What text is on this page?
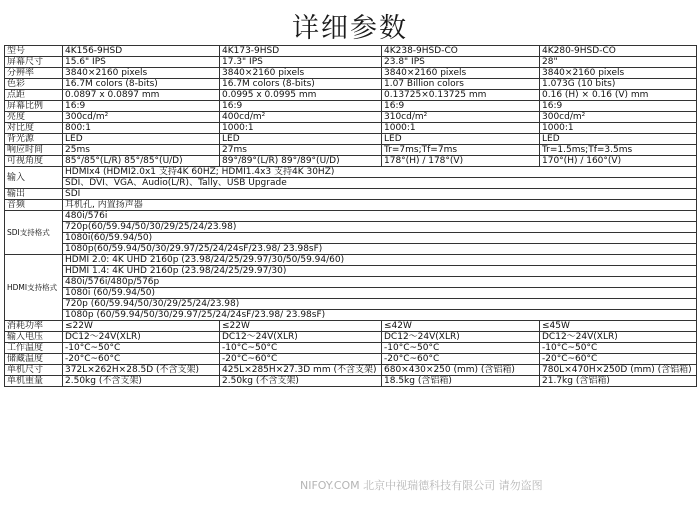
详细参数
型号	4K156-9HSD	4K173-9HSD	4K238-9HSD-CO	4K280-9HSD-CO
屏幕尺寸	15.6" IPS	17.3" IPS	23.8" IPS	28"
分辨率	3840×2160 pixels	3840×2160 pixels	3840×2160 pixels	3840×2160 pixels
色彩	16.7M colors (8-bits)	16.7M colors (8-bits)	1.07 Billion colors	1.073G (10 bits)
点距	0.0897 x 0.0897 mm	0.0995 x 0.0995 mm	0.13725×0.13725 mm	0.16 (H) × 0.16 (V) mm
屏幕比例	16:9	16:9	16:9	16:9
亮度	300cd/m²	400cd/m²	310cd/m²	300cd/m²
对比度	800:1	1000:1	1000:1	1000:1
背光源	LED	LED	LED	LED
响应时间	25ms	27ms	Tr=7ms;Tf=7ms	Tr=1.5ms;Tf=3.5ms
可视角度	85°/85°(L/R) 85°/85°(U/D)	89°/89°(L/R) 89°/89°(U/D)	178°(H) / 178°(V)	170°(H) / 160°(V)
输入	HDMIx4 (HDMI2.0x1 支持4K 60HZ; HDMI1.4x3 支持4K 30HZ)			
	SDI、DVI、VGA、Audio(L/R)、Tally、USB Upgrade			
输出	SDI			
音频	耳机孔, 内置扬声器			
SDI支持格式	480i/576i			
	720p(60/59.94/50/30/29/25/24/23.98)			
	1080i(60/59.94/50)			
	1080p(60/59.94/50/30/29.97/25/24/24sF/23.98/ 23.98sF)			
HDMI支持格式	HDMI 2.0: 4K UHD 2160p (23.98/24/25/29.97/30/50/59.94/60)			
	HDMI 1.4: 4K UHD 2160p (23.98/24/25/29.97/30)			
	480i/576i/480p/576p			
	1080i (60/59.94/50)			
	720p (60/59.94/50/30/29/25/24/23.98)			
	1080p (60/59.94/50/30/29.97/25/24/24sF/23.98/ 23.98sF)			
消耗功率	≤22W	≤22W	≤42W	≤45W
输入电压	DC12～24V(XLR)	DC12～24V(XLR)	DC12～24V(XLR)	DC12～24V(XLR)
工作温度	-10°C~50°C	-10°C~50°C	-10°C~50°C	-10°C~50°C
储藏温度	-20°C~60°C	-20°C~60°C	-20°C~60°C	-20°C~60°C
单机尺寸	372L×262H×28.5D (不含支架)	425L×285H×27.3D mm (不含支架)	680×430×250 (mm) (含铝箱)	780L×470H×250D (mm) (含铝箱)
单机重量	2.50kg (不含支架)	2.50kg (不含支架)	18.5kg (含铝箱)	21.7kg (含铝箱)
NIFOY.COM 北京中视瑞德科技有限公司 请勿盗图
